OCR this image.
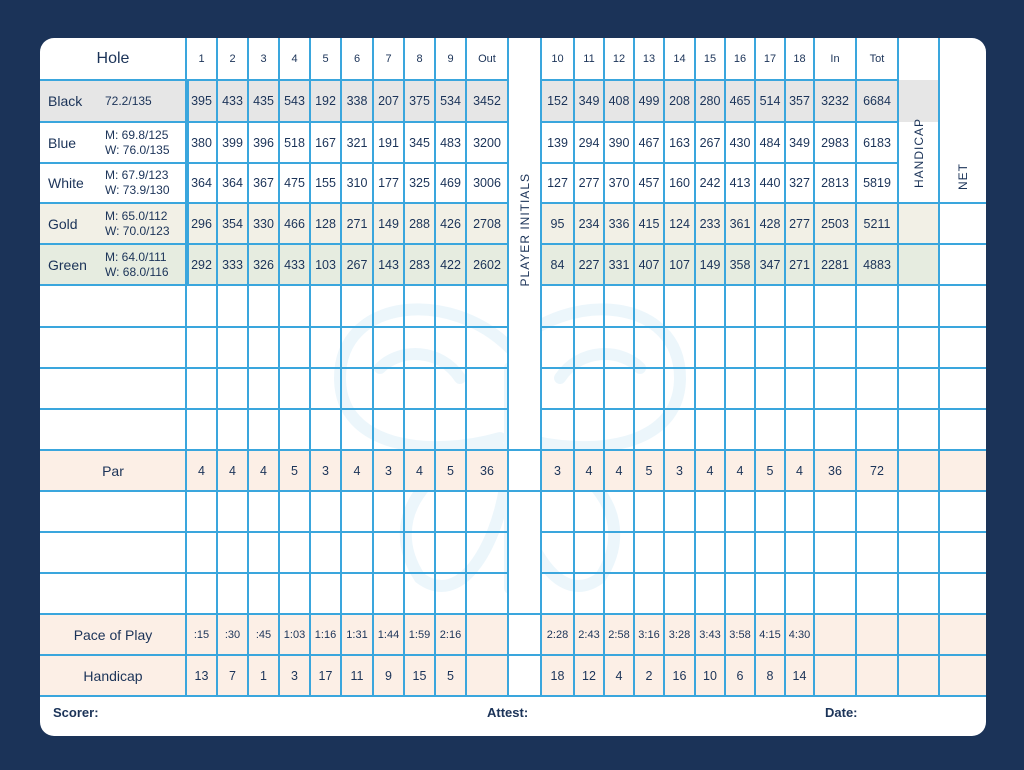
Hole	1	2	3	4	5	6	7	8	9	Out	10	11	12	13	14	15	16	17	18	In	Tot
PLAYER INITIALS
HANDICAP	NET
Black 72.2/135	395 433 435 543 192 338 207 375 534 3452	152 349 408 499 208 280 465 514 357 3232	6684
Blue M: 69.8/125
W: 76.0/135	380 399 396 518 167 321 191 345 483 3200	139 294 390 467 163 267 430 484 349 2983	6183
White M: 67.9/123
W: 73.9/130	364 364 367 475 155 310 177 325 469 3006	127 277 370 457 160 242 413 440 327 2813	5819
Gold M: 65.0/112
W: 70.0/123	296 354 330 466 128 271 149 288 426 2708	95	234 336 415 124 233 361 428 277 2503	5211
Green M: 64.0/111
W: 68.0/116	292 333 326 433 103 267 143 283 422 2602	84	227 331 407 107 149 358 347 271 2281	4883
Par	4	4	4	5	3	4	3	4	5	36	3	4	4	5	3	4	4	5	4	36	72
Pace of Play	:15	:30	:45	1:03 1:16 1:31 1:44 1:59 2:16	2:28 2:43 2:58 3:16 3:28 3:43 3:58 4:15 4:30
Handicap	13	7	1	3	17	11	9	15	5	18	12	4	2	16	10	6	8	14
Scorer:	Attest:	Date:
